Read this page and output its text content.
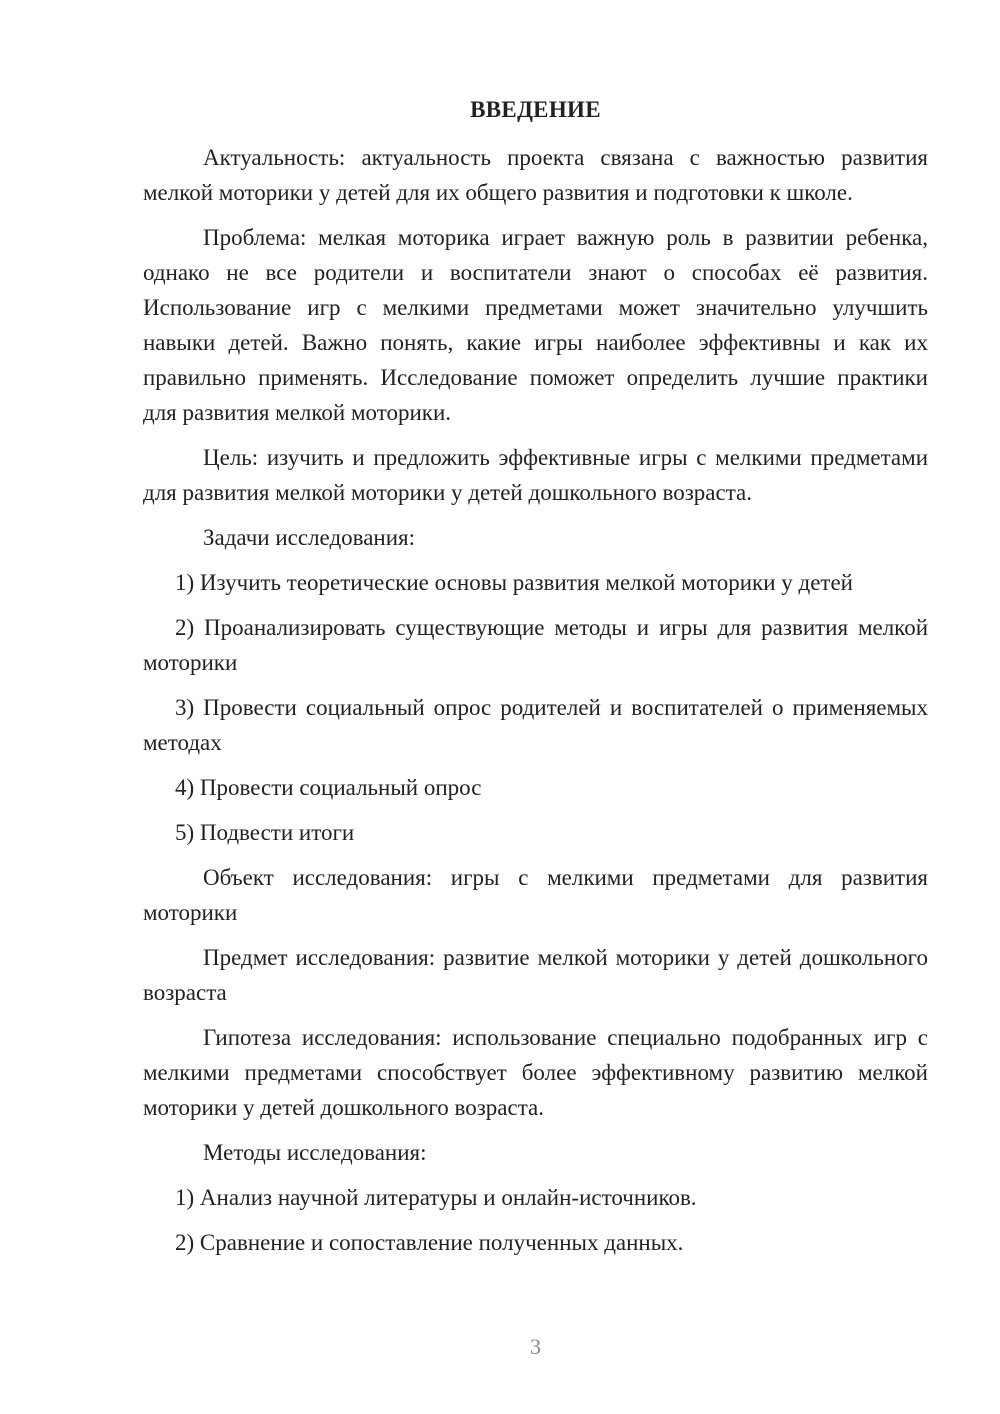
ВВЕДЕНИЕ

Актуальность: актуальность проекта связана с важностью развития мелкой моторики у детей для их общего развития и подготовки к школе.

Проблема: мелкая моторика играет важную роль в развитии ребенка, однако не все родители и воспитатели знают о способах её развития. Использование игр с мелкими предметами может значительно улучшить навыки детей. Важно понять, какие игры наиболее эффективны и как их правильно применять. Исследование поможет определить лучшие практики для развития мелкой моторики.

Цель: изучить и предложить эффективные игры с мелкими предметами для развития мелкой моторики у детей дошкольного возраста.

Задачи исследования:

1) Изучить теоретические основы развития мелкой моторики у детей

2) Проанализировать существующие методы и игры для развития мелкой моторики

3) Провести социальный опрос родителей и воспитателей о применяемых методах

4) Провести социальный опрос

5) Подвести итоги

Объект исследования: игры с мелкими предметами для развития моторики

Предмет исследования: развитие мелкой моторики у детей дошкольного возраста

Гипотеза исследования: использование специально подобранных игр с мелкими предметами способствует более эффективному развитию мелкой моторики у детей дошкольного возраста.

Методы исследования:

1) Анализ научной литературы и онлайн-источников.

2) Сравнение и сопоставление полученных данных.

3
